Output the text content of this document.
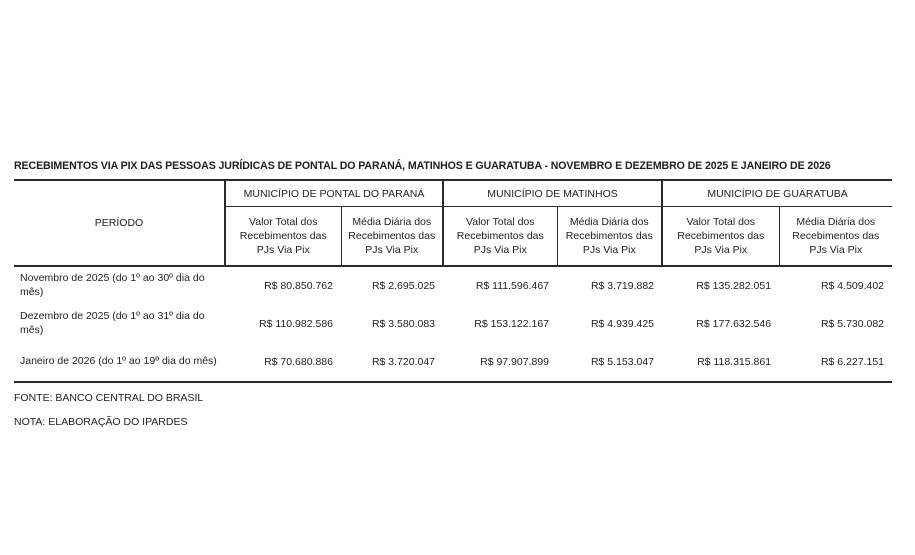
RECEBIMENTOS VIA PIX DAS PESSOAS JURÍDICAS DE PONTAL DO PARANÁ, MATINHOS E GUARATUBA - NOVEMBRO E DEZEMBRO DE 2025 E JANEIRO DE 2026
PERÍODO	MUNICÍPIO DE PONTAL DO PARANÁ		MUNICÍPIO DE MATINHOS		MUNICÍPIO DE GUARATUBA	
	Valor Total dos Recebimentos das PJs Via Pix	Média Diária dos Recebimentos das PJs Via Pix	Valor Total dos Recebimentos das PJs Via Pix	Média Diária dos Recebimentos das PJs Via Pix	Valor Total dos Recebimentos das PJs Via Pix	Média Diária dos Recebimentos das PJs Via Pix
Novembro de 2025 (do 1º ao 30º dia do mês)	R$ 80.850.762	R$ 2.695.025	R$ 111.596.467	R$ 3.719.882	R$ 135.282.051	R$ 4.509.402
Dezembro de 2025 (do 1º ao 31º dia do mês)	R$ 110.982.586	R$ 3.580.083	R$ 153.122.167	R$ 4.939.425	R$ 177.632.546	R$ 5.730.082
Janeiro de 2026 (do 1º ao 19º dia do mês)	R$ 70.680.886	R$ 3.720.047	R$ 97.907.899	R$ 5.153.047	R$ 118.315.861	R$ 6.227.151
FONTE: BANCO CENTRAL DO BRASIL
NOTA: ELABORAÇÃO DO IPARDES
